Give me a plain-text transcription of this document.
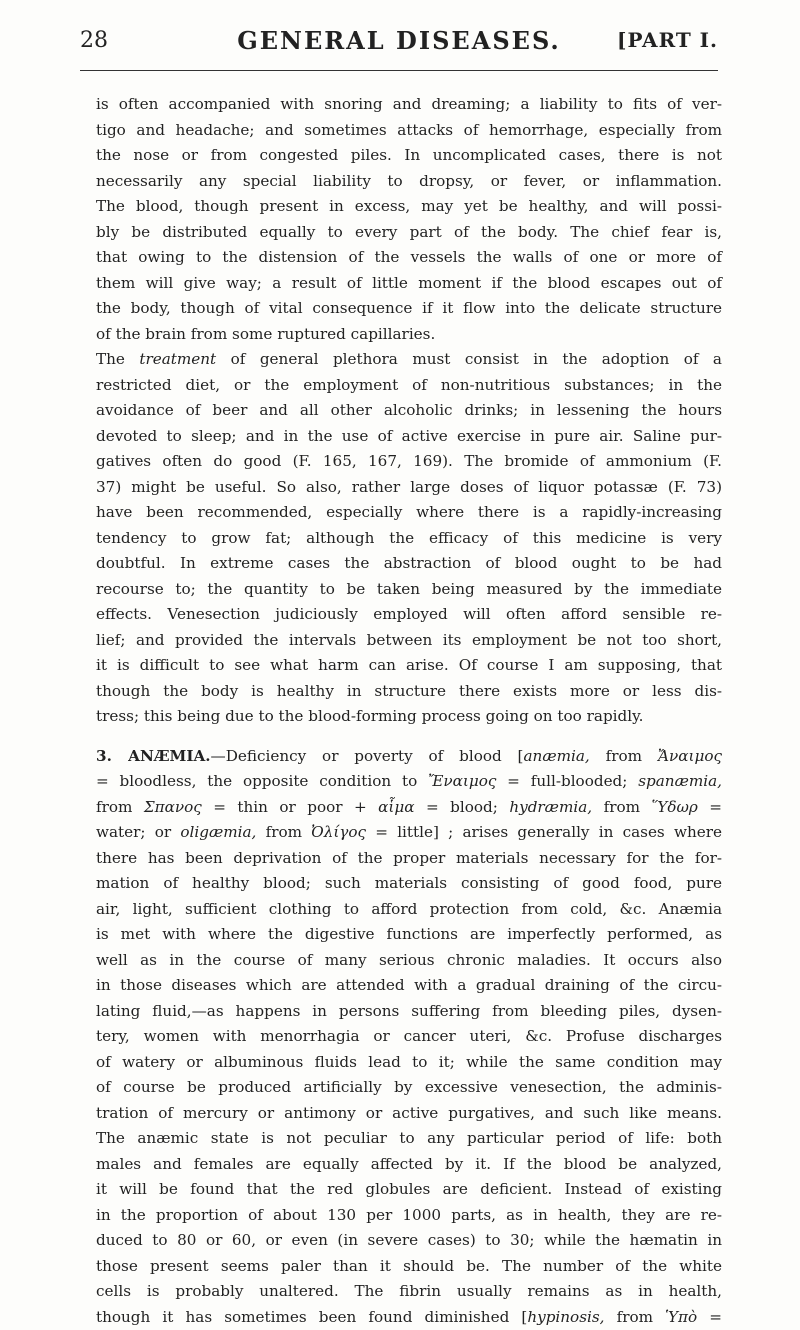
28	GENERAL DISEASES.	[PART I.
is often accompanied with snoring and dreaming; a liability to fits of ver-
tigo and headache; and sometimes attacks of hemorrhage, especially from
the nose or from congested piles. In uncomplicated cases, there is not
necessarily any special liability to dropsy, or fever, or inflammation.
The blood, though present in excess, may yet be healthy, and will possi-
bly be distributed equally to every part of the body. The chief fear is,
that owing to the distension of the vessels the walls of one or more of
them will give way; a result of little moment if the blood escapes out of
the body, though of vital consequence if it flow into the delicate structure
of the brain from some ruptured capillaries.
The treatment of general plethora must consist in the adoption of a
restricted diet, or the employment of non-nutritious substances; in the
avoidance of beer and all other alcoholic drinks; in lessening the hours
devoted to sleep; and in the use of active exercise in pure air. Saline pur-
gatives often do good (F. 165, 167, 169). The bromide of ammonium (F.
37) might be useful. So also, rather large doses of liquor potassæ (F. 73)
have been recommended, especially where there is a rapidly-increasing
tendency to grow fat; although the efficacy of this medicine is very
doubtful. In extreme cases the abstraction of blood ought to be had
recourse to; the quantity to be taken being measured by the immediate
effects. Venesection judiciously employed will often afford sensible re-
lief; and provided the intervals between its employment be not too short,
it is difficult to see what harm can arise. Of course I am supposing, that
though the body is healthy in structure there exists more or less dis-
tress; this being due to the blood-forming process going on too rapidly.
3. ANÆMIA.—Deficiency or poverty of blood [anæmia, from Ἄναιμος
= bloodless, the opposite condition to Ἔναιμος = full-blooded; spanæmia,
from Σπανος = thin or poor + αἷμα = blood; hydræmia, from Ὕδωρ =
water; or oligæmia, from Ὀλίγος = little] ; arises generally in cases where
there has been deprivation of the proper materials necessary for the for-
mation of healthy blood; such materials consisting of good food, pure
air, light, sufficient clothing to afford protection from cold, &c. Anæmia
is met with where the digestive functions are imperfectly performed, as
well as in the course of many serious chronic maladies. It occurs also
in those diseases which are attended with a gradual draining of the circu-
lating fluid,—as happens in persons suffering from bleeding piles, dysen-
tery, women with menorrhagia or cancer uteri, &c. Profuse discharges
of watery or albuminous fluids lead to it; while the same condition may
of course be produced artificially by excessive venesection, the adminis-
tration of mercury or antimony or active purgatives, and such like means.
The anæmic state is not peculiar to any particular period of life: both
males and females are equally affected by it. If the blood be analyzed,
it will be found that the red globules are deficient. Instead of existing
in the proportion of about 130 per 1000 parts, as in health, they are re-
duced to 80 or 60, or even (in severe cases) to 30; while the hæmatin in
those present seems paler than it should be. The number of the white
cells is probably unaltered. The fibrin usually remains as in health,
though it has sometimes been found diminished [hypinosis, from Ὑπὸ =
